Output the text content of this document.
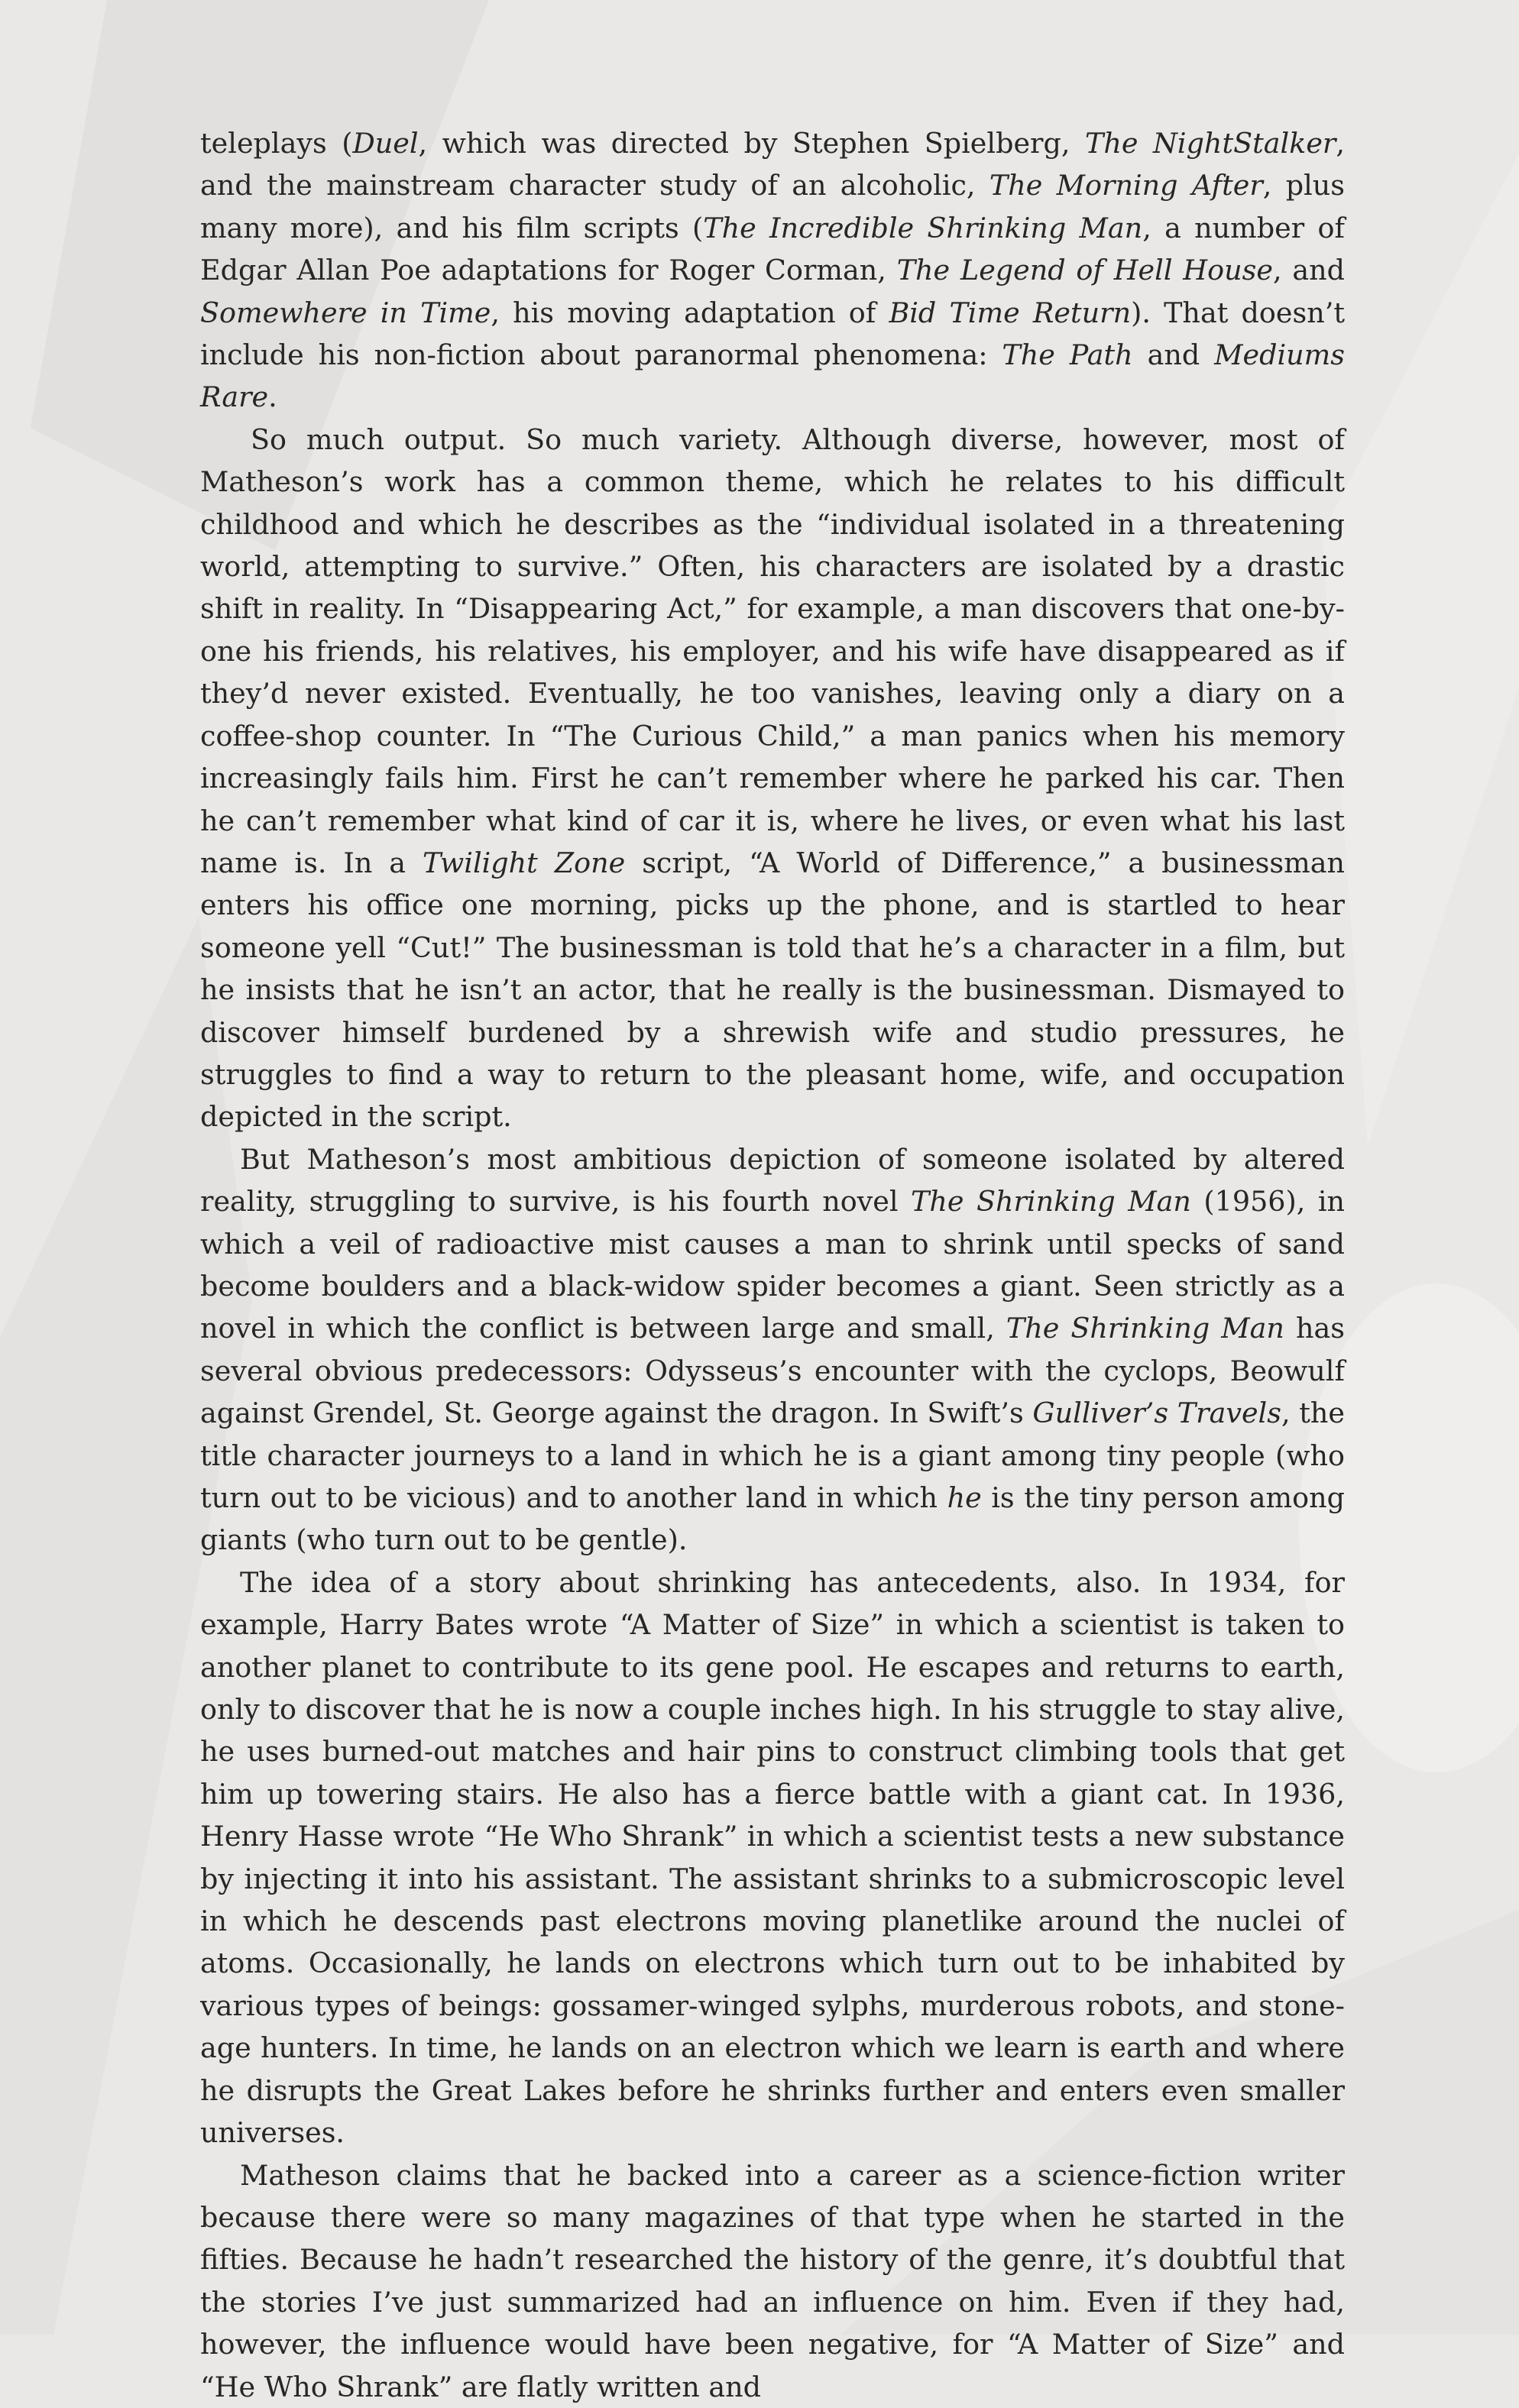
teleplays (Duel, which was directed by Stephen Spielberg, The NightStalker, and the mainstream character study of an alcoholic, The Morning After, plus many more), and his film scripts (The Incredible Shrinking Man, a number of Edgar Allan Poe adaptations for Roger Corman, The Legend of Hell House, and Somewhere in Time, his moving adaptation of Bid Time Return). That doesn’t include his non-fiction about paranormal phenomena: The Path and Mediums Rare.

So much output. So much variety. Although diverse, however, most of Matheson’s work has a common theme, which he relates to his difficult childhood and which he describes as the “individual isolated in a threatening world, attempting to survive.” Often, his characters are isolated by a drastic shift in reality. In “Disappearing Act,” for example, a man discovers that one-by-one his friends, his relatives, his employer, and his wife have disappeared as if they’d never existed. Eventually, he too vanishes, leaving only a diary on a coffee-shop counter. In “The Curious Child,” a man panics when his memory increasingly fails him. First he can’t remember where he parked his car. Then he can’t remember what kind of car it is, where he lives, or even what his last name is. In a Twilight Zone script, “A World of Difference,” a businessman enters his office one morning, picks up the phone, and is startled to hear someone yell “Cut!” The businessman is told that he’s a character in a film, but he insists that he isn’t an actor, that he really is the businessman. Dismayed to discover himself burdened by a shrewish wife and studio pressures, he struggles to find a way to return to the pleasant home, wife, and occupation depicted in the script.

But Matheson’s most ambitious depiction of someone isolated by altered reality, struggling to survive, is his fourth novel The Shrinking Man (1956), in which a veil of radioactive mist causes a man to shrink until specks of sand become boulders and a black-widow spider becomes a giant. Seen strictly as a novel in which the conflict is between large and small, The Shrinking Man has several obvious predecessors: Odysseus’s encounter with the cyclops, Beowulf against Grendel, St. George against the dragon. In Swift’s Gulliver’s Travels, the title character journeys to a land in which he is a giant among tiny people (who turn out to be vicious) and to another land in which he is the tiny person among giants (who turn out to be gentle).

The idea of a story about shrinking has antecedents, also. In 1934, for example, Harry Bates wrote “A Matter of Size” in which a scientist is taken to another planet to contribute to its gene pool. He escapes and returns to earth, only to discover that he is now a couple inches high. In his struggle to stay alive, he uses burned-out matches and hair pins to construct climbing tools that get him up towering stairs. He also has a fierce battle with a giant cat. In 1936, Henry Hasse wrote “He Who Shrank” in which a scientist tests a new substance by injecting it into his assistant. The assistant shrinks to a submicroscopic level in which he descends past electrons moving planetlike around the nuclei of atoms. Occasionally, he lands on electrons which turn out to be inhabited by various types of beings: gossamer-winged sylphs, murderous robots, and stone-age hunters. In time, he lands on an electron which we learn is earth and where he disrupts the Great Lakes before he shrinks further and enters even smaller universes.

Matheson claims that he backed into a career as a science-fiction writer because there were so many magazines of that type when he started in the fifties. Because he hadn’t researched the history of the genre, it’s doubtful that the stories I’ve just summarized had an influence on him. Even if they had, however, the influence would have been negative, for “A Matter of Size” and “He Who Shrank” are flatly written and
